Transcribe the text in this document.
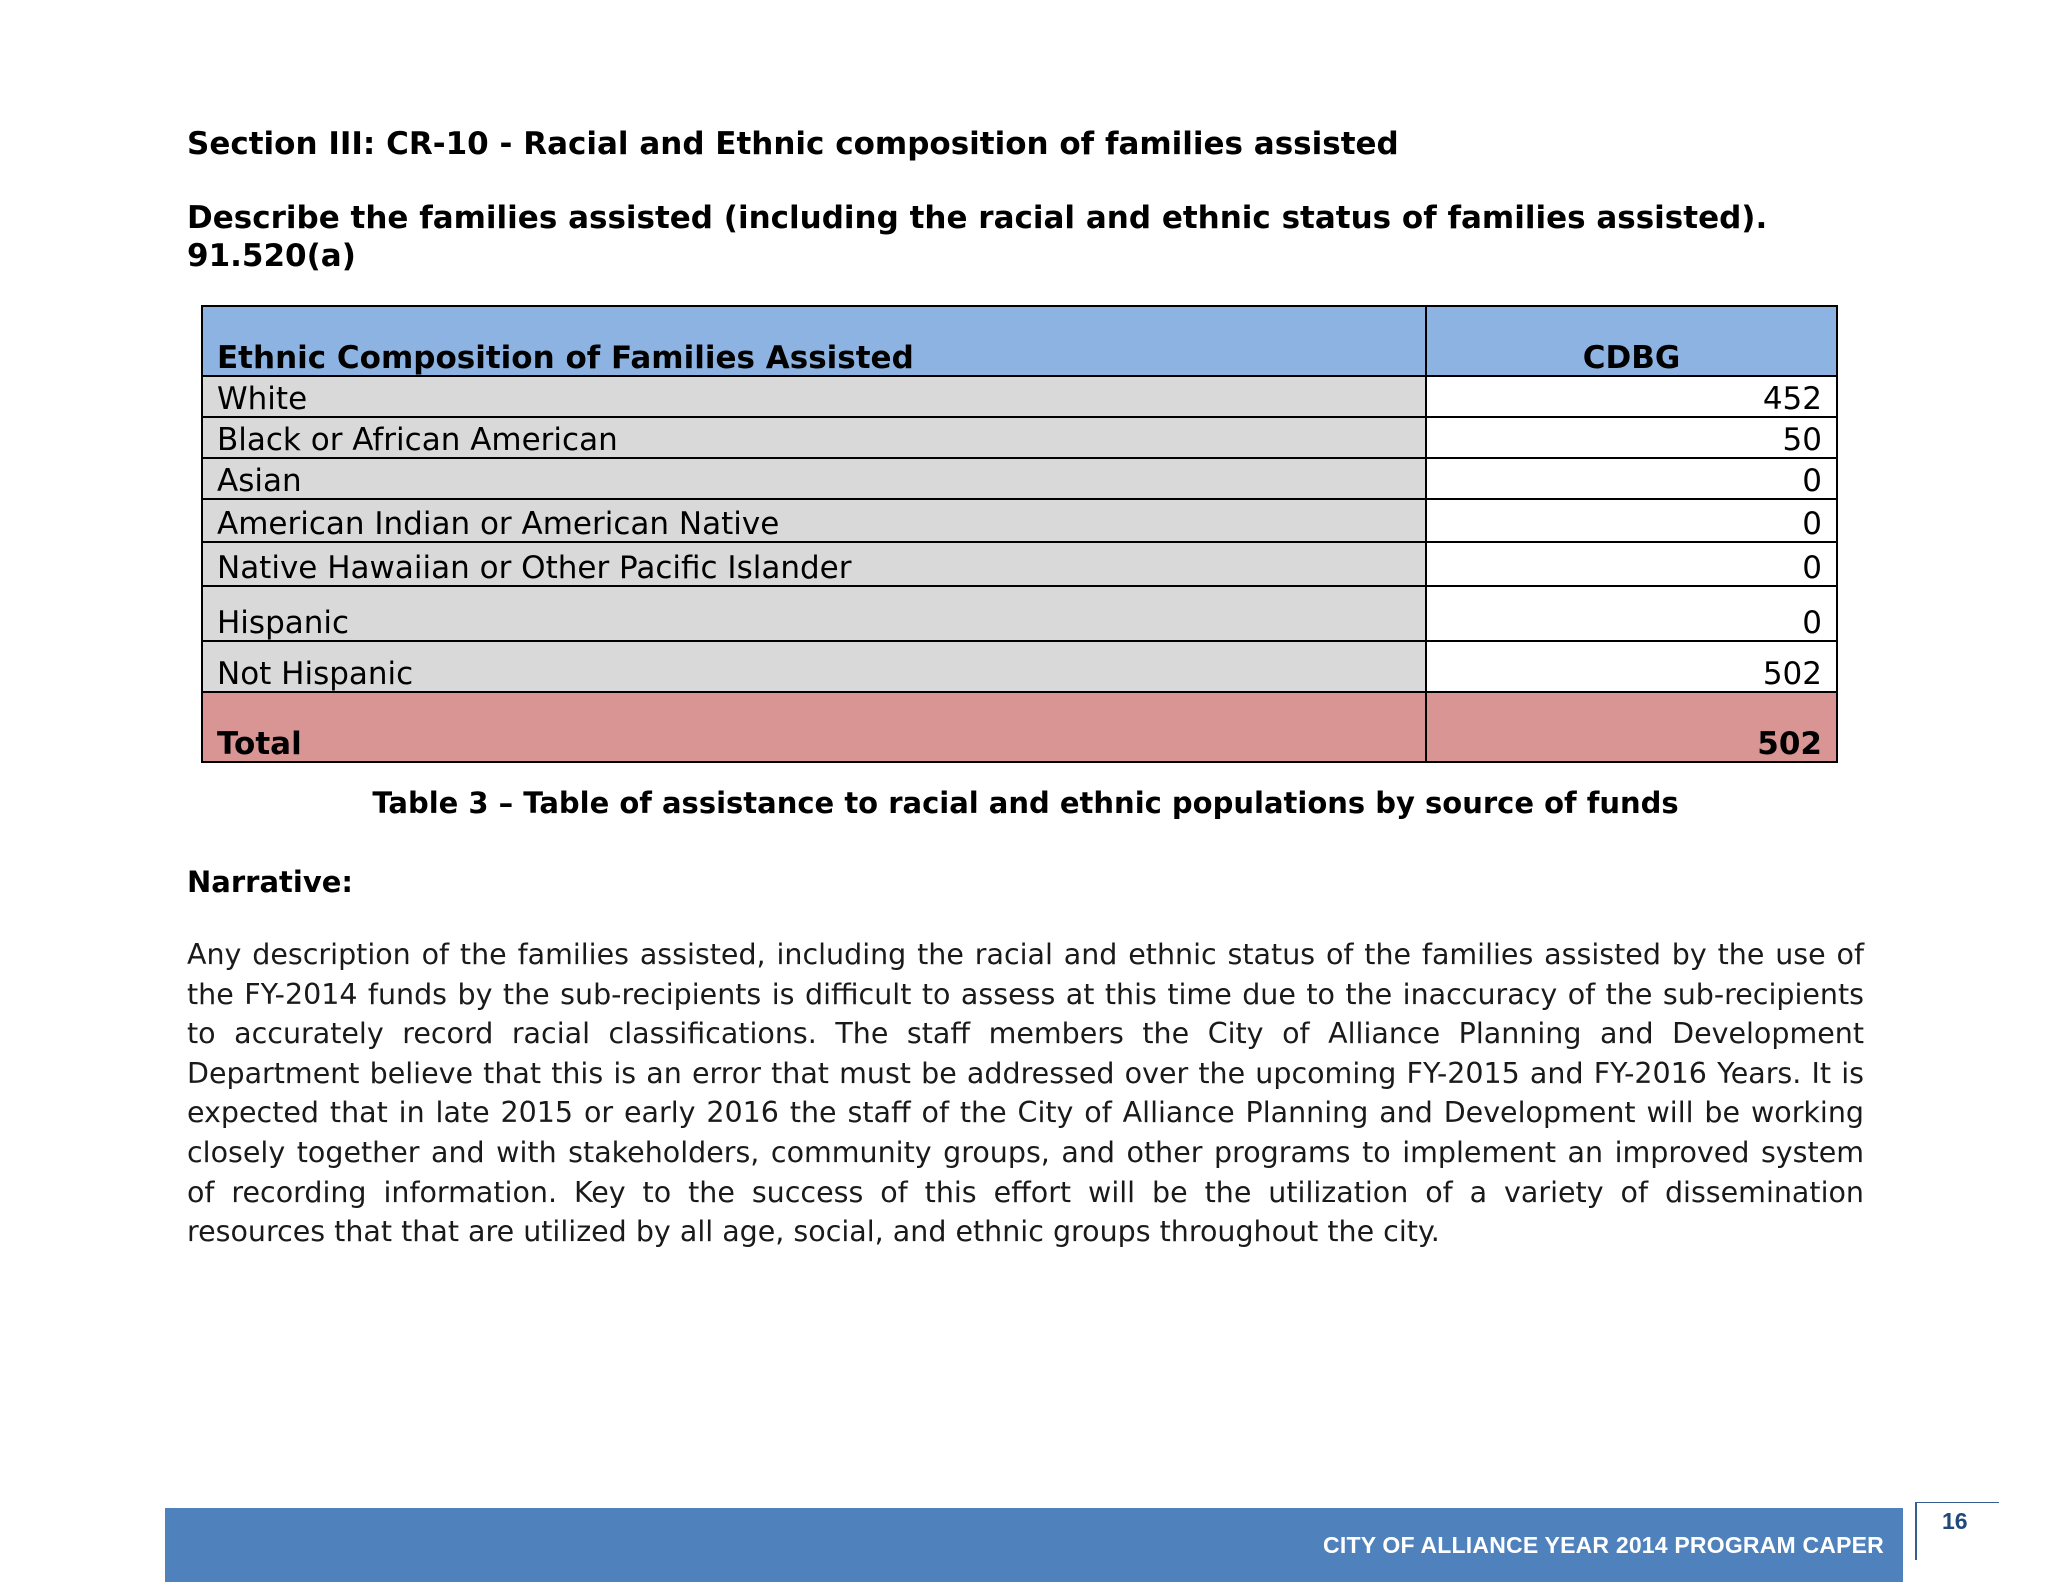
Section III: CR-10 - Racial and Ethnic composition of families assisted

Describe the families assisted (including the racial and ethnic status of families assisted).

91.520(a)

Ethnic Composition of Families Assisted	CDBG
White	452
Black or African American	50
Asian	0
American Indian or American Native	0
Native Hawaiian or Other Pacific Islander	0
Hispanic	0
Not Hispanic	502
Total	502

Table 3 – Table of assistance to racial and ethnic populations by source of funds

Narrative:

Any description of the families assisted, including the racial and ethnic status of the families assisted by the use of the FY-2014 funds by the sub-recipients is difficult to assess at this time due to the inaccuracy of the sub-recipients to accurately record racial classifications. The staff members the City of Alliance Planning and Development Department believe that this is an error that must be addressed over the upcoming FY-2015 and FY-2016 Years. It is expected that in late 2015 or early 2016 the staff of the City of Alliance Planning and Development will be working closely together and with stakeholders, community groups, and other programs to implement an improved system of recording information. Key to the success of this effort will be the utilization of a variety of dissemination resources that that are utilized by all age, social, and ethnic groups throughout the city.

CITY OF ALLIANCE YEAR 2014 PROGRAM CAPER
16
